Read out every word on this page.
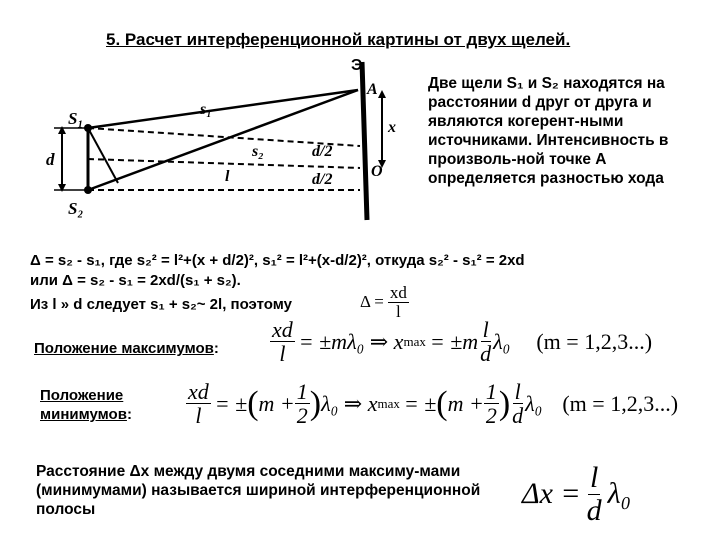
5. Расчет интерференционной картины от двух щелей.
Э
S₁
S₂
d
s₁
s₂
l
A
x
d/2
d/2 O
Две щели S₁ и S₂ находятся на расстоянии d друг от друга и являются когерент-ными источниками. Интенсивность в произволь-ной точке A определяется разностью хода
Δ = s₂ - s₁, где s₂² = l²+(x + d/2)², s₁² = l²+(x-d/2)², откуда s₂² - s₁² = 2xd
или Δ = s₂ - s₁ = 2xd/(s₁ + s₂).
Из l » d следует s₁ + s₂~ 2l, поэтому	$\Delta = \frac{xd}{l}$
Положение максимумов: $\frac{xd}{l} = \pm m\lambda_0$ ⇒ x $\max = \pm m \frac{l}{d} \lambda_0$ (m = 1,2,3...)
Положение
минимумов: $\frac{xd}{l}$ = ± ( $m + \frac{1}{2}$ ) λ₀ ⇒ x max = ± ( $m + \frac{1}{2}$ ) $\frac{l}{d} \lambda_0$ (m = 1,2,3...)
Расстояние Δx между двумя соседними максиму-мами (минимумами) называется шириной интерференционной полосы	$\Delta x = \frac{l}{d} \lambda_0$
